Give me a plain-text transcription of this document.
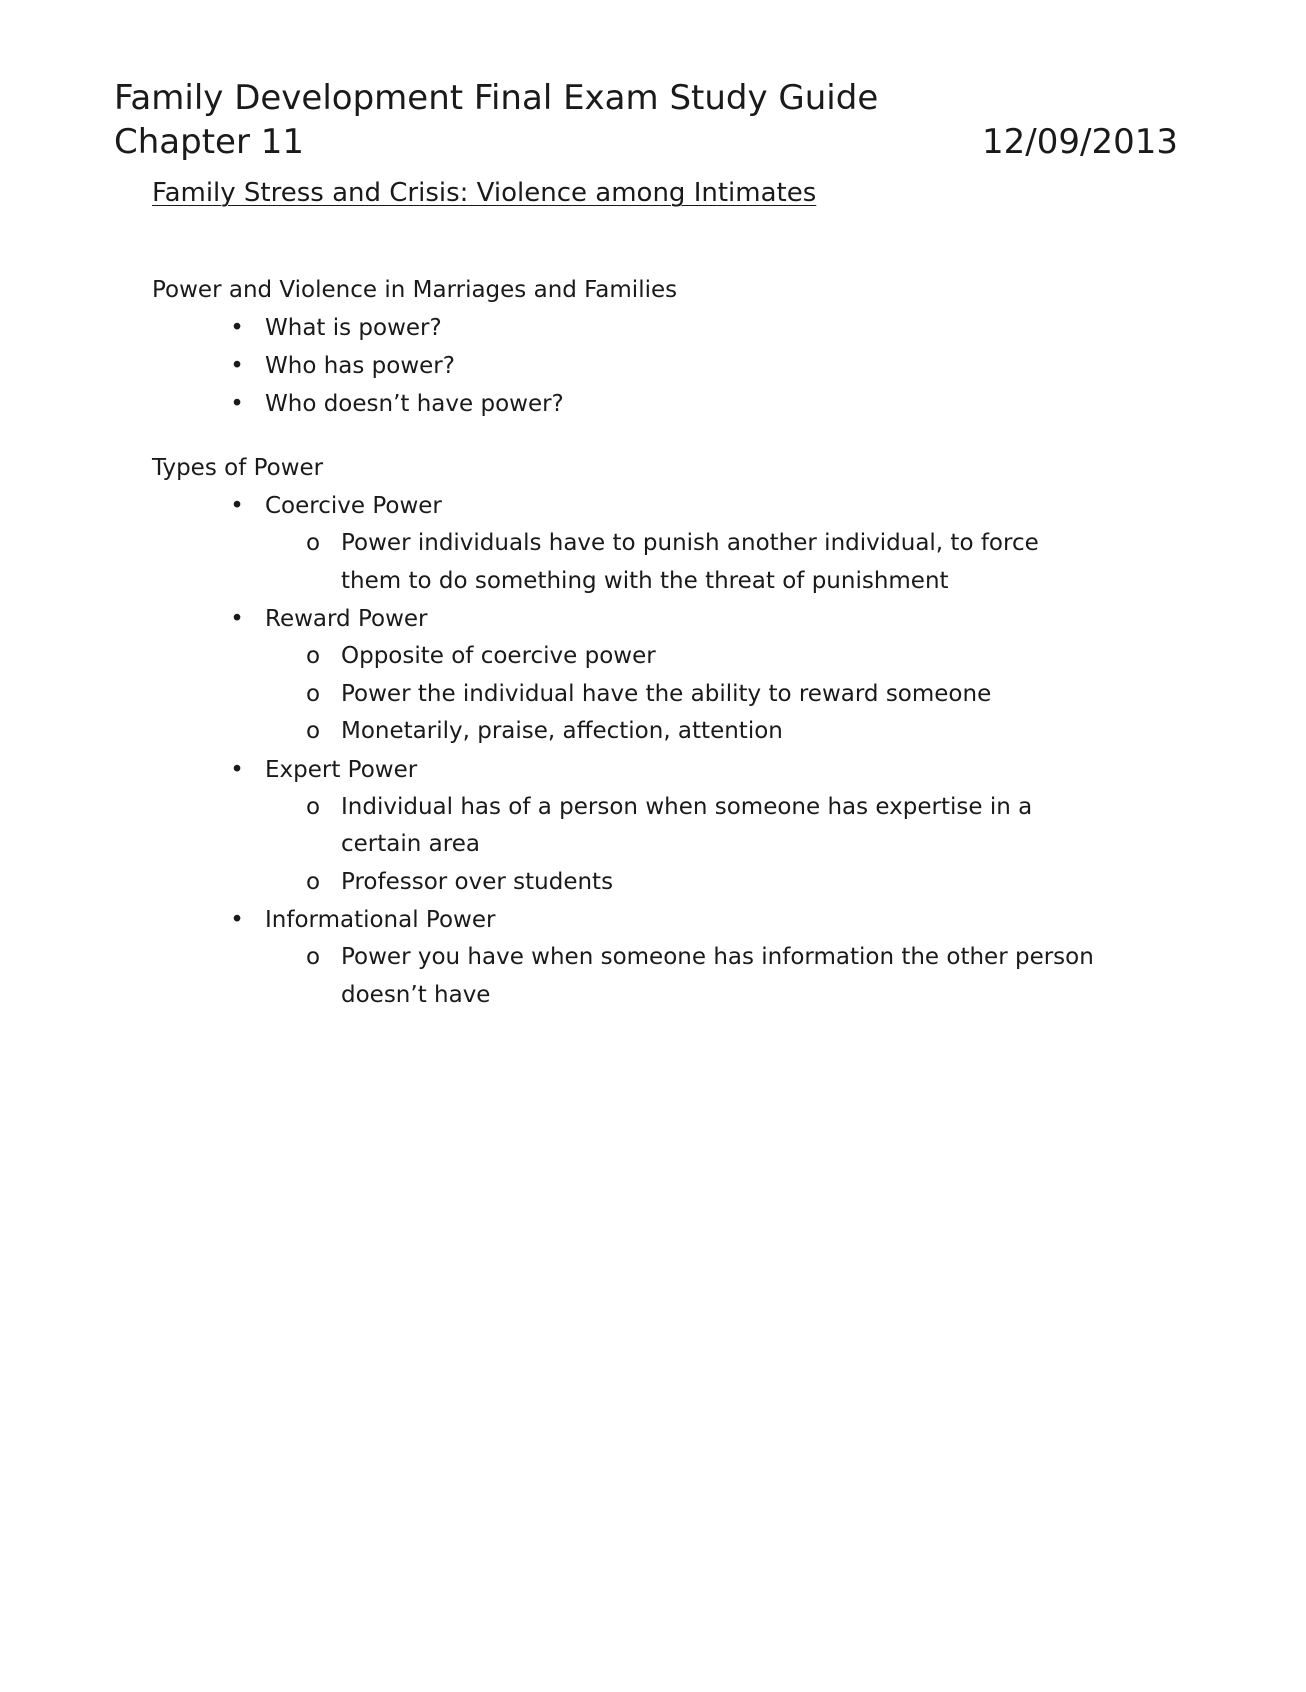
Family Development Final Exam Study Guide
Chapter 11	12/09/2013
Family Stress and Crisis: Violence among Intimates

Power and Violence in Marriages and Families

• What is power?
• Who has power?
• Who doesn’t have power?

Types of Power

• Coercive Power
o Power individuals have to punish another individual, to force them to do something with the threat of punishment
• Reward Power
o Opposite of coercive power
o Power the individual have the ability to reward someone
o Monetarily, praise, affection, attention
• Expert Power
o Individual has of a person when someone has expertise in a certain area
o Professor over students
• Informational Power
o Power you have when someone has information the other person doesn’t have
